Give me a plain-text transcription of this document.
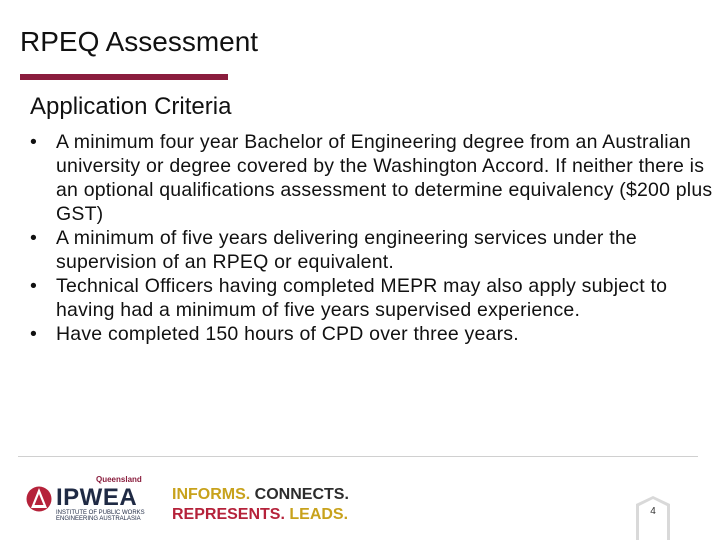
RPEQ Assessment
Application Criteria
• A minimum four year Bachelor of Engineering degree from an Australian university or degree covered by the Washington Accord. If neither there is an optional qualifications assessment to determine equivalency ($200 plus GST)
• A minimum of five years delivering engineering services under the supervision of an RPEQ or equivalent.
• Technical Officers having completed MEPR may also apply subject to having had a minimum of five years supervised experience.
• Have completed 150 hours of CPD over three years.
Queensland
IPWEA
INSTITUTE OF PUBLIC WORKS
ENGINEERING AUSTRALASIA
INFORMS. CONNECTS.
REPRESENTS. LEADS.	4
